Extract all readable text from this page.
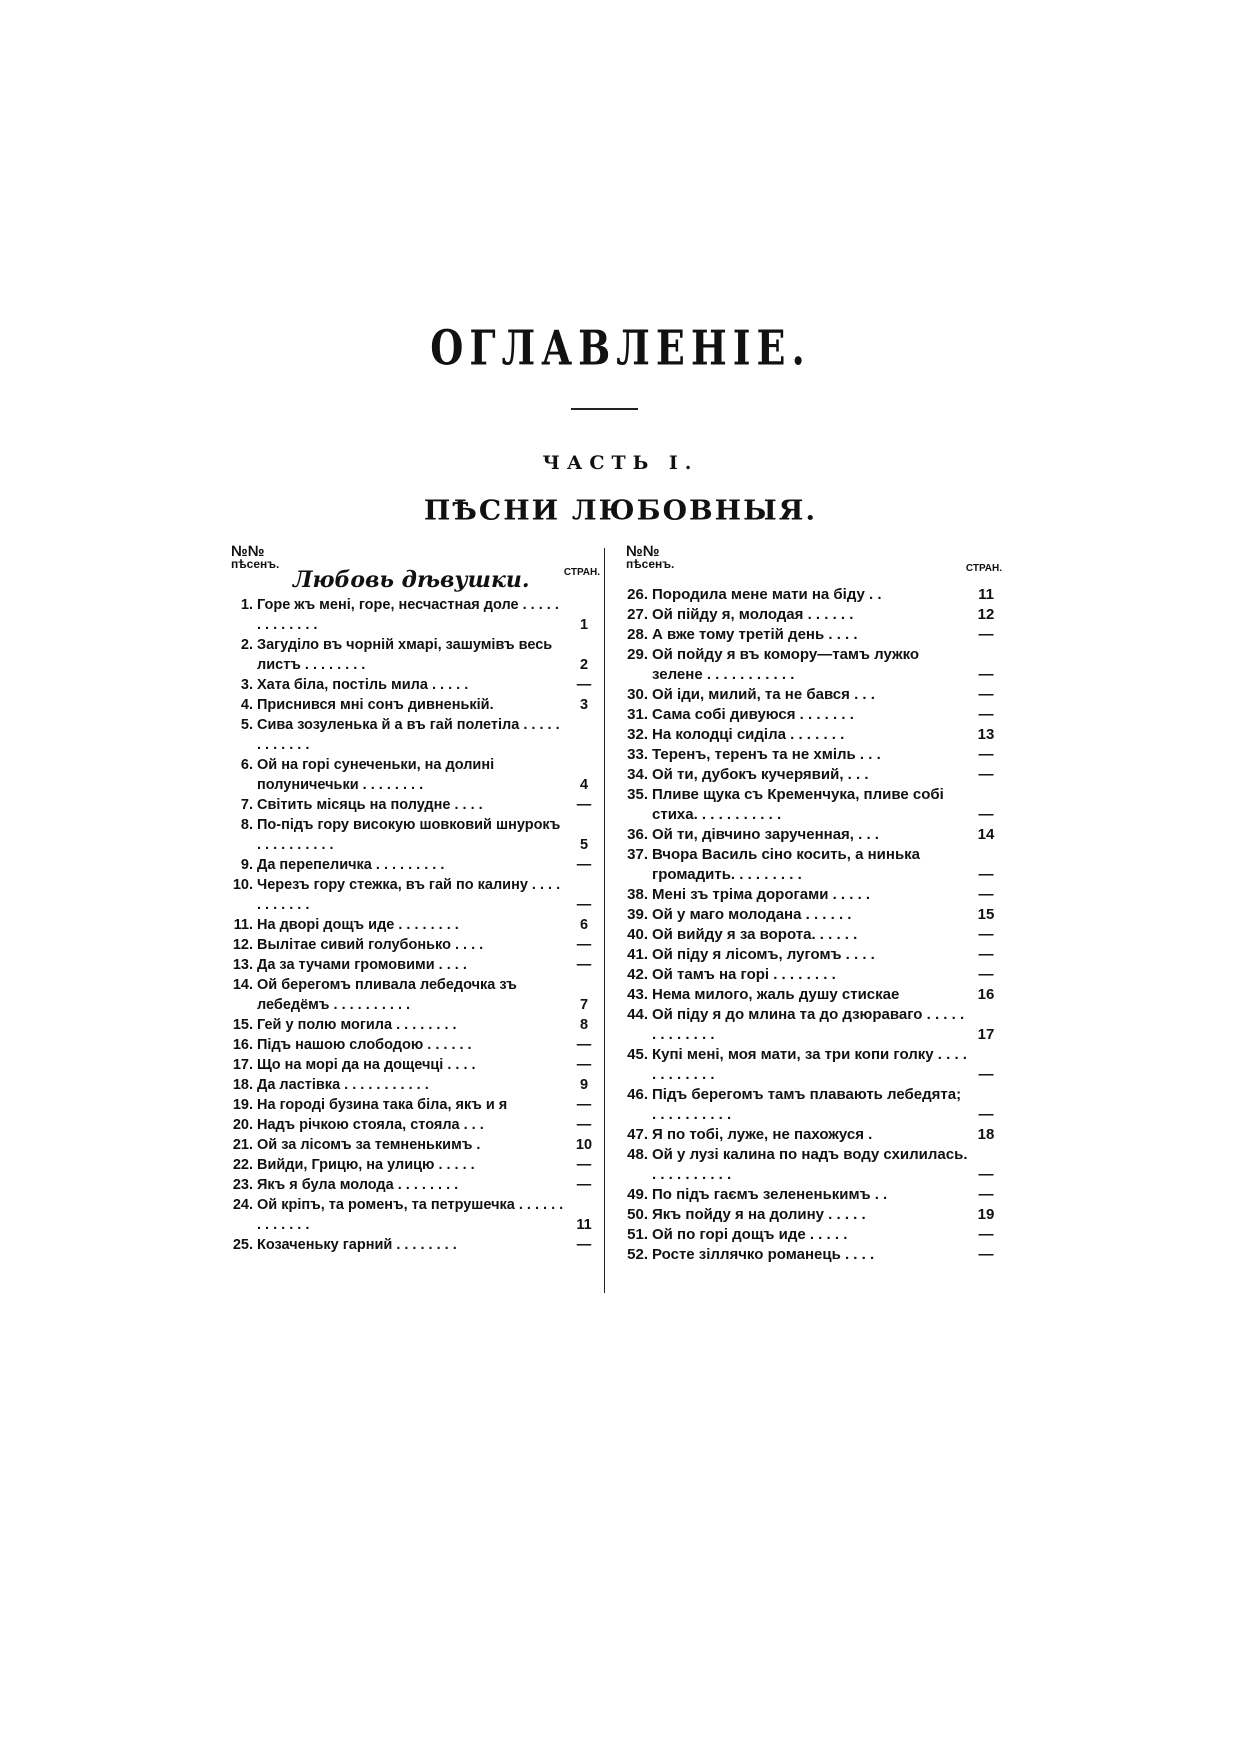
ОГЛАВЛЕНІЕ.
ЧАСТЬ I.
ПѢСНИ ЛЮБОВНЫЯ.
№№
пѣсенъ.
Любовь дѣвушки.	СТРАН.
1. Горе жъ мені, горе, несчастная доле . . . . . . . . . . . . .	1
2. Загуділо въ чорній хмарі, зашумівъ весь листъ . . . . . . . .	2
3. Хата біла, постіль мила . . . . .	—
4. Приснився мні сонъ дивненькій.	3
5. Сива зозуленька й а въ гай полетіла . . . . . . . . . . . .
6. Ой на горі сунеченьки, на долині полуничечьки . . . . . . . .	4
7. Світить місяць на полудне . . . .	—
8. По-підъ гору високую шовковий шнурокъ . . . . . . . . . .	5
9. Да перепеличка . . . . . . . . .	—
10. Черезъ гору стежка, въ гай по калину . . . . . . . . . . .	—
11. На дворі дощъ иде . . . . . . . .	6
12. Вылітае сивий голубонько . . . .	—
13. Да за тучами громовими . . . .	—
14. Ой берегомъ пливала лебедочка зъ лебедёмъ . . . . . . . . . .	7
15. Гей у полю могила . . . . . . . .	8
16. Підъ нашою слободою . . . . . .	—
17. Що на морі да на дощечці . . . .	—
18. Да ластівка . . . . . . . . . . .	9
19. На городі бузина така біла, якъ и я	—
20. Надъ річкою стояла, стояла . . .	—
21. Ой за лісомъ за темненькимъ .	10
22. Вийди, Грицю, на улицю . . . . .	—
23. Якъ я була молода . . . . . . . .	—
24. Ой кріпъ, та роменъ, та петрушечка . . . . . . . . . . . . .	11
25. Козаченьку гарний . . . . . . . .	—
№№
пѣсенъ.	СТРАН.
26. Породила мене мати на біду . .	11
27. Ой пійду я, молодая . . . . . .	12
28. А вже тому третій день . . . .	—
29. Ой пойду я въ комору—тамъ лужко зелене . . . . . . . . . . .	—
30. Ой іди, милий, та не бався . . .	—
31. Сама собі дивуюся . . . . . . .	—
32. На колодці сиділа . . . . . . .	13
33. Теренъ, теренъ та не хміль . . .	—
34. Ой ти, дубокъ кучерявий, . . .	—
35. Пливе щука съ Кременчука, пливе собі стиха. . . . . . . . . . .	—
36. Ой ти, дівчино зарученная, . . .	14
37. Вчора Василь сіно косить, а нинька громадить. . . . . . . . .	—
38. Мені зъ тріма дорогами . . . . .	—
39. Ой у маго молодана . . . . . .	15
40. Ой вийду я за ворота. . . . . .	—
41. Ой піду я лісомъ, лугомъ . . . .	—
42. Ой тамъ на горі . . . . . . . .	—
43. Нема милого, жаль душу стискае	16
44. Ой піду я до млина та до дзюраваго . . . . . . . . . . . . .	17
45. Купі мені, моя мати, за три копи голку . . . . . . . . . . . .	—
46. Підъ берегомъ тамъ плавають лебедята; . . . . . . . . . .	—
47. Я по тобі, луже, не пахожуся .	18
48. Ой у лузі калина по надъ воду схилилась. . . . . . . . . . .	—
49. По підъ гаємъ зелененькимъ . .	—
50. Якъ пойду я на долину . . . . .	19
51. Ой по горі дощъ иде . . . . .	—
52. Росте зіллячко романець . . . .	—
